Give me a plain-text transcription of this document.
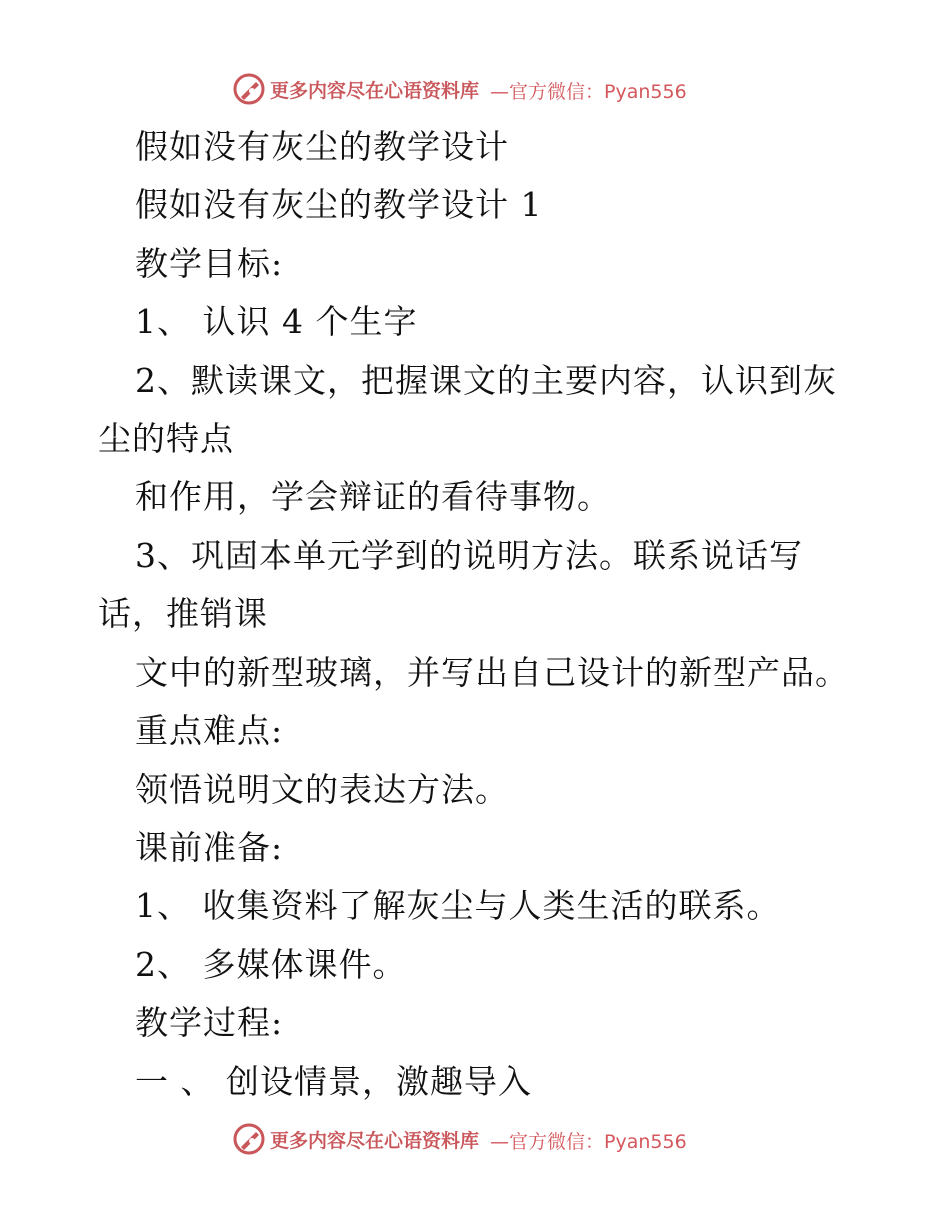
更多内容尽在心语资料库 —官方微信：Pyan556
假如没有灰尘的教学设计
假如没有灰尘的教学设计 1
教学目标:
1、 认识 4 个生字
2、默读课文，把握课文的主要内容，认识到灰
尘的特点
和作用，学会辩证的看待事物。
3、巩固本单元学到的说明方法。联系说话写
话，推销课
文中的新型玻璃，并写出自己设计的新型产品。
重点难点:
领悟说明文的表达方法。
课前准备:
1、 收集资料了解灰尘与人类生活的联系。
2、 多媒体课件。
教学过程:
一 、 创设情景，激趣导入
更多内容尽在心语资料库 —官方微信：Pyan556
